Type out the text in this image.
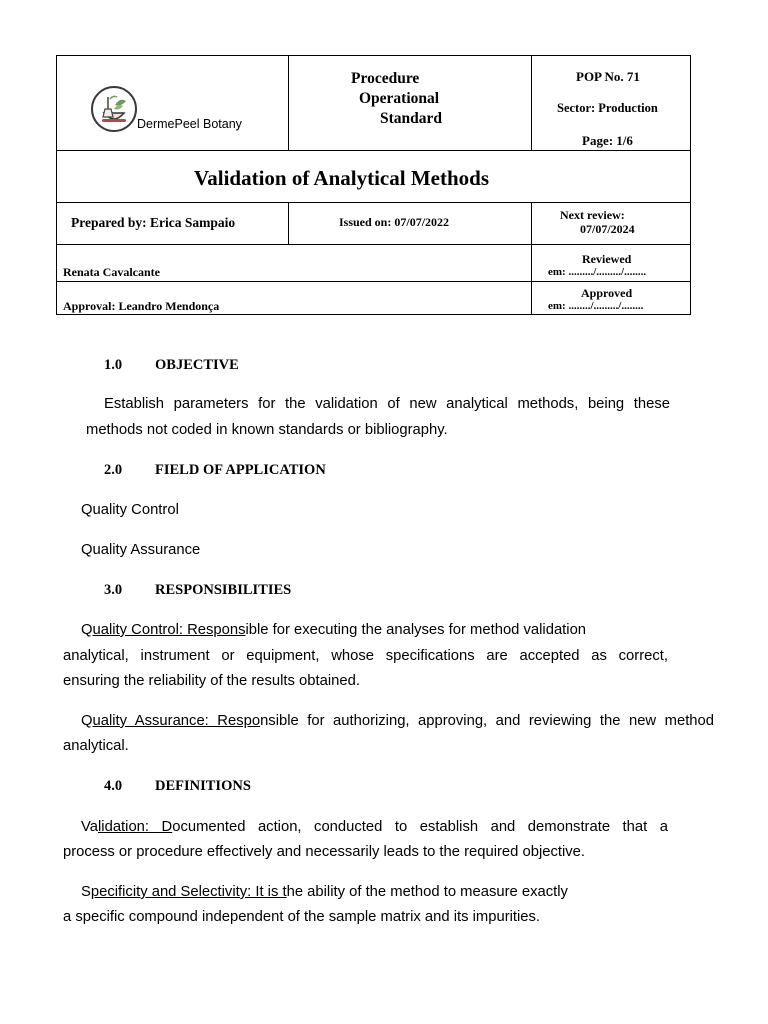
DermePeel Botany
Procedure
Operational
Standard
POP No. 71
Sector: Production
Page: 1/6
Validation of Analytical Methods
Prepared by: Erica Sampaio	Issued on: 07/07/2022	Next review:
07/07/2024
Renata Cavalcante
Reviewed
em: ........./........./........
Approval: Leandro Mendonça
Approved
em: ......../........./........
1.0 OBJECTIVE
Establish parameters for the validation of new analytical methods, being these
methods not coded in known standards or bibliography.
2.0 FIELD OF APPLICATION
Quality Control
Quality Assurance
3.0 RESPONSIBILITIES
Quality Control: Responsible for executing the analyses for method validation
analytical, instrument or equipment, whose specifications are accepted as correct,
ensuring the reliability of the results obtained.
Quality Assurance: Responsible for authorizing, approving, and reviewing the new method
analytical.
4.0 DEFINITIONS
Validation: Documented action, conducted to establish and demonstrate that a
process or procedure effectively and necessarily leads to the required objective.
Specificity and Selectivity: It is the ability of the method to measure exactly
a specific compound independent of the sample matrix and its impurities.
